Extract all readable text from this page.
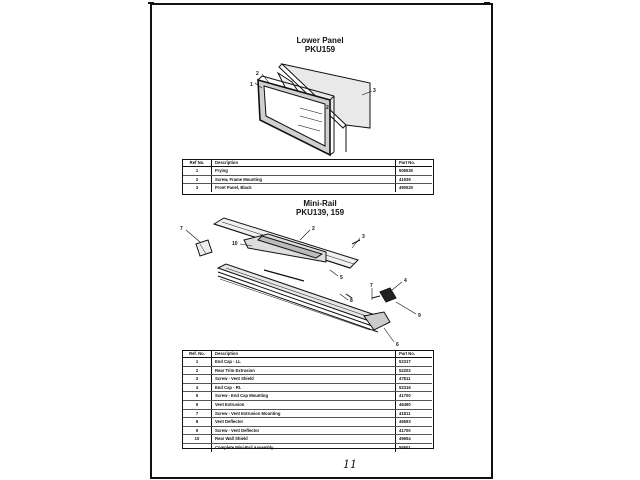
Lower Panel
PKU159
2
1
3
2
Ref No.	Description	Part No.
1	Frying	505530
2	Screw, Frame Mounting	41939
3	Front Panel, Black	490520
Mini-Rail
PKU139, 159
2
3
10
7
5
8
7
4
9
6
Ref. No.	Description	Part No.
1	End Cap - LL	52317
2	Rear Trim Extrusion	52202
3	Screw - Vent Shield	47811
4	End Cap - Rt.	52316
5	Screw - End Cap Mounting	41700
6	Vent Extrusion	46490
7	Screw - Vent Extrusion Mounting	41811
8	Vent Deflector	46693
9	Screw - Vent Deflector	41700
10	Rear Wall Shield	49654
	Complete Mini-Rail Assembly	55501
11
